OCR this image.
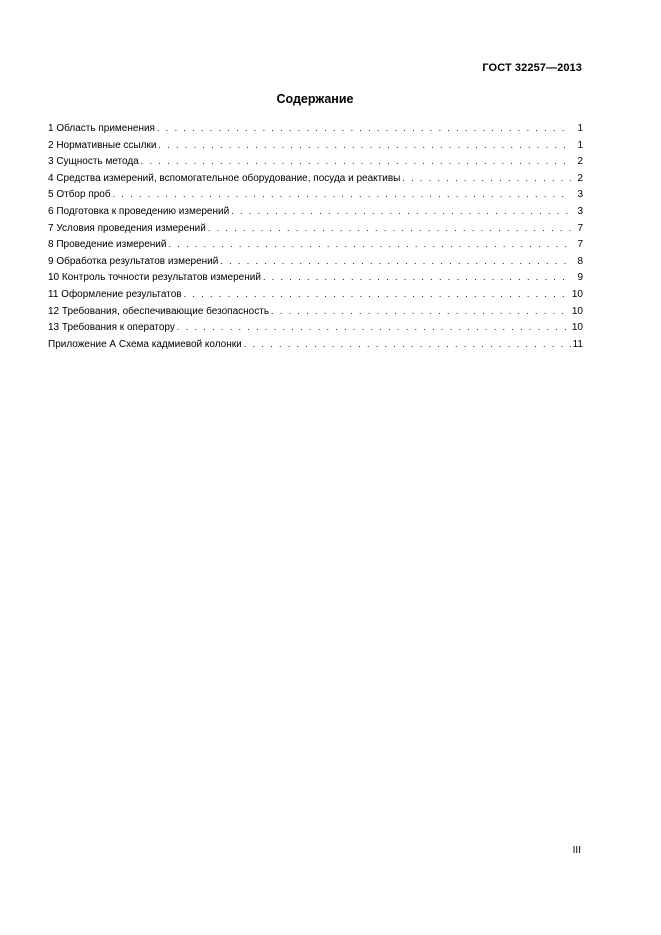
ГОСТ 32257—2013
Содержание
1 Область применения . . .	1
2 Нормативные ссылки . . .	1
3 Сущность метода . . .	2
4 Средства измерений, вспомогательное оборудование, посуда и реактивы . . .	2
5 Отбор проб . . .	3
6 Подготовка к проведению измерений . . .	3
7 Условия проведения измерений . . .	7
8 Проведение измерений . . .	7
9 Обработка результатов измерений . . .	8
10 Контроль точности результатов измерений . . .	9
11 Оформление результатов . . .	10
12 Требования, обеспечивающие безопасность . . .	10
13 Требования к оператору . . .	10
Приложение А Схема кадмиевой колонки . . .	11
III
